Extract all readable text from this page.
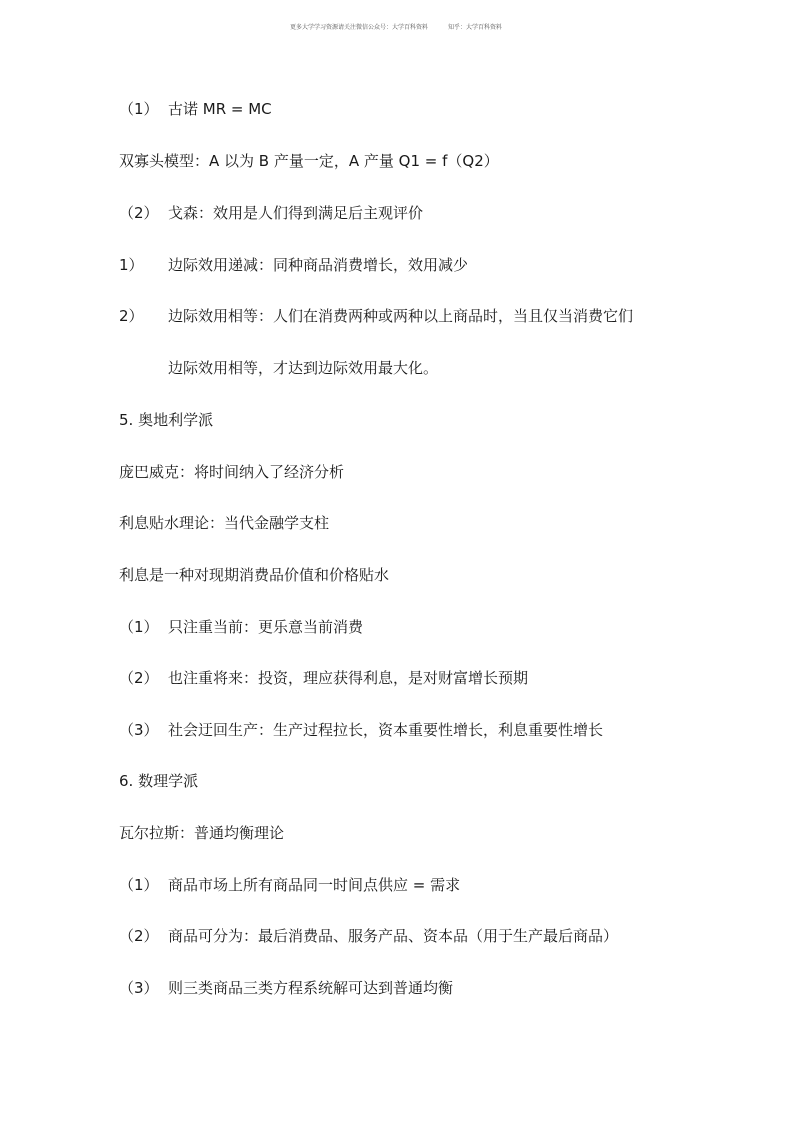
更多大学学习资源请关注微信公众号：大学百科资料	知乎：大学百科资料
（1） 古诺 MR = MC
双寡头模型：A 以为 B 产量一定，A 产量 Q1 = f（Q2）
（2） 戈森：效用是人们得到满足后主观评价
1） 边际效用递减：同种商品消费增长，效用减少
2） 边际效用相等：人们在消费两种或两种以上商品时，当且仅当消费它们
边际效用相等，才达到边际效用最大化。
5. 奥地利学派
庞巴威克：将时间纳入了经济分析
利息贴水理论：当代金融学支柱
利息是一种对现期消费品价值和价格贴水
（1） 只注重当前：更乐意当前消费
（2） 也注重将来：投资，理应获得利息，是对财富增长预期
（3） 社会迂回生产：生产过程拉长，资本重要性增长，利息重要性增长
6. 数理学派
瓦尔拉斯：普通均衡理论
（1） 商品市场上所有商品同一时间点供应 = 需求
（2） 商品可分为：最后消费品、服务产品、资本品（用于生产最后商品）
（3） 则三类商品三类方程系统解可达到普通均衡
